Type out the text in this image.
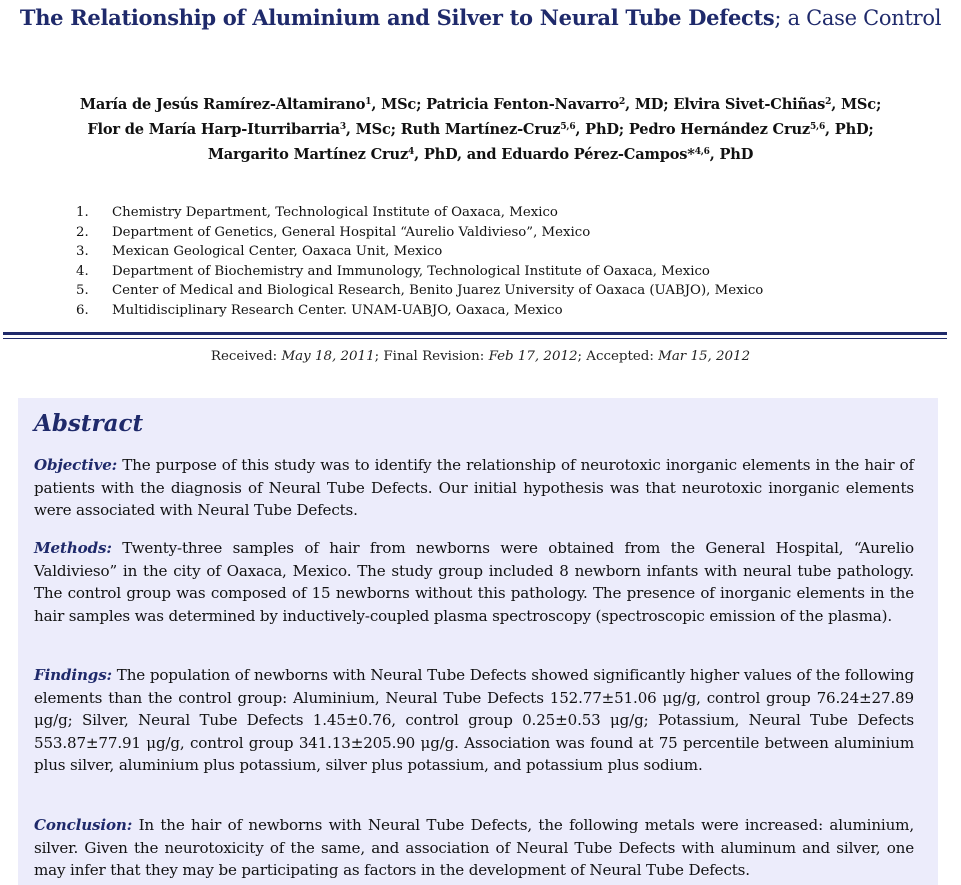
The Relationship of Aluminium and Silver to Neural Tube Defects; a Case Control
María de Jesús Ramírez-Altamirano$^1$, MSc; Patricia Fenton-Navarro$^2$, MD; Elvira Sivet-Chiñas$^2$, MSc;
Flor de María Harp-Iturribarria$^3$, MSc; Ruth Martínez-Cruz$^{5,6}$, PhD; Pedro Hernández Cruz$^{5,6}$, PhD;
Margarito Martínez Cruz$^4$, PhD, and Eduardo Pérez-Campos*$^{4,6}$, PhD
1.	Chemistry Department, Technological Institute of Oaxaca, Mexico
2.	Department of Genetics, General Hospital “Aurelio Valdivieso”, Mexico
3.	Mexican Geological Center, Oaxaca Unit, Mexico
4.	Department of Biochemistry and Immunology, Technological Institute of Oaxaca, Mexico
5.	Center of Medical and Biological Research, Benito Juarez University of Oaxaca (UABJO), Mexico
6.	Multidisciplinary Research Center. UNAM-UABJO, Oaxaca, Mexico
Received: May 18, 2011; Final Revision: Feb 17, 2012; Accepted: Mar 15, 2012
Abstract

Objective: The purpose of this study was to identify the relationship of neurotoxic inorganic elements in the hair of patients with the diagnosis of Neural Tube Defects. Our initial hypothesis was that neurotoxic inorganic elements were associated with Neural Tube Defects.

Methods: Twenty-three samples of hair from newborns were obtained from the General Hospital, “Aurelio Valdivieso” in the city of Oaxaca, Mexico. The study group included 8 newborn infants with neural tube pathology. The control group was composed of 15 newborns without this pathology. The presence of inorganic elements in the hair samples was determined by inductively-coupled plasma spectroscopy (spectroscopic emission of the plasma).

Findings: The population of newborns with Neural Tube Defects showed significantly higher values of the following elements than the control group: Aluminium, Neural Tube Defects 152.77±51.06 μg/g, control group 76.24±27.89 μg/g; Silver, Neural Tube Defects 1.45±0.76, control group 0.25±0.53 μg/g; Potassium, Neural Tube Defects 553.87±77.91 μg/g, control group 341.13±205.90 μg/g. Association was found at 75 percentile between aluminium plus silver, aluminium plus potassium, silver plus potassium, and potassium plus sodium.

Conclusion: In the hair of newborns with Neural Tube Defects, the following metals were increased: aluminium, silver. Given the neurotoxicity of the same, and association of Neural Tube Defects with aluminum and silver, one may infer that they may be participating as factors in the development of Neural Tube Defects.
